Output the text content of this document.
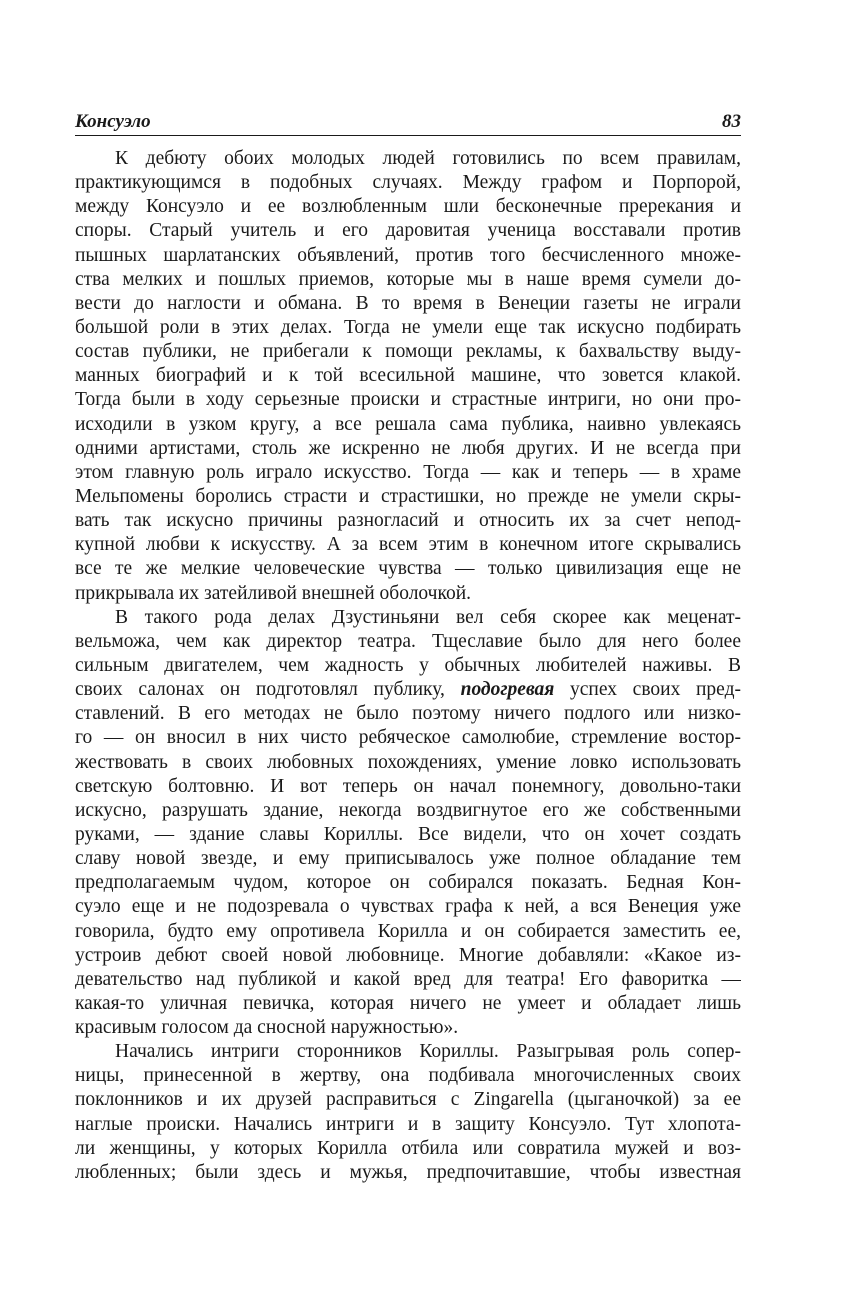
Консуэло	83
К дебюту обоих молодых людей готовились по всем правилам,
практикующимся в подобных случаях. Между графом и Порпорой,
между Консуэло и ее возлюбленным шли бесконечные пререкания и
споры. Старый учитель и его даровитая ученица восставали против
пышных шарлатанских объявлений, против того бесчисленного множе-
ства мелких и пошлых приемов, которые мы в наше время сумели до-
вести до наглости и обмана. В то время в Венеции газеты не играли
большой роли в этих делах. Тогда не умели еще так искусно подбирать
состав публики, не прибегали к помощи рекламы, к бахвальству выду-
манных биографий и к той всесильной машине, что зовется клакой.
Тогда были в ходу серьезные происки и страстные интриги, но они про-
исходили в узком кругу, а все решала сама публика, наивно увлекаясь
одними артистами, столь же искренно не любя других. И не всегда при
этом главную роль играло искусство. Тогда — как и теперь — в храме
Мельпомены боролись страсти и страстишки, но прежде не умели скры-
вать так искусно причины разногласий и относить их за счет непод-
купной любви к искусству. А за всем этим в конечном итоге скрывались
все те же мелкие человеческие чувства — только цивилизация еще не
прикрывала их затейливой внешней оболочкой.
В такого рода делах Дзустиньяни вел себя скорее как меценат-
вельможа, чем как директор театра. Тщеславие было для него более
сильным двигателем, чем жадность у обычных любителей наживы. В
своих салонах он подготовлял публику, подогревая успех своих пред-
ставлений. В его методах не было поэтому ничего подлого или низко-
го — он вносил в них чисто ребяческое самолюбие, стремление востор-
жествовать в своих любовных похождениях, умение ловко использовать
светскую болтовню. И вот теперь он начал понемногу, довольно-таки
искусно, разрушать здание, некогда воздвигнутое его же собственными
руками, — здание славы Кориллы. Все видели, что он хочет создать
славу новой звезде, и ему приписывалось уже полное обладание тем
предполагаемым чудом, которое он собирался показать. Бедная Кон-
суэло еще и не подозревала о чувствах графа к ней, а вся Венеция уже
говорила, будто ему опротивела Корилла и он собирается заместить ее,
устроив дебют своей новой любовнице. Многие добавляли: «Какое из-
девательство над публикой и какой вред для театра! Его фаворитка —
какая-то уличная певичка, которая ничего не умеет и обладает лишь
красивым голосом да сносной наружностью».
Начались интриги сторонников Кориллы. Разыгрывая роль сопер-
ницы, принесенной в жертву, она подбивала многочисленных своих
поклонников и их друзей расправиться с Zingarella (цыганочкой) за ее
наглые происки. Начались интриги и в защиту Консуэло. Тут хлопота-
ли женщины, у которых Корилла отбила или совратила мужей и воз-
любленных; были здесь и мужья, предпочитавшие, чтобы известная
